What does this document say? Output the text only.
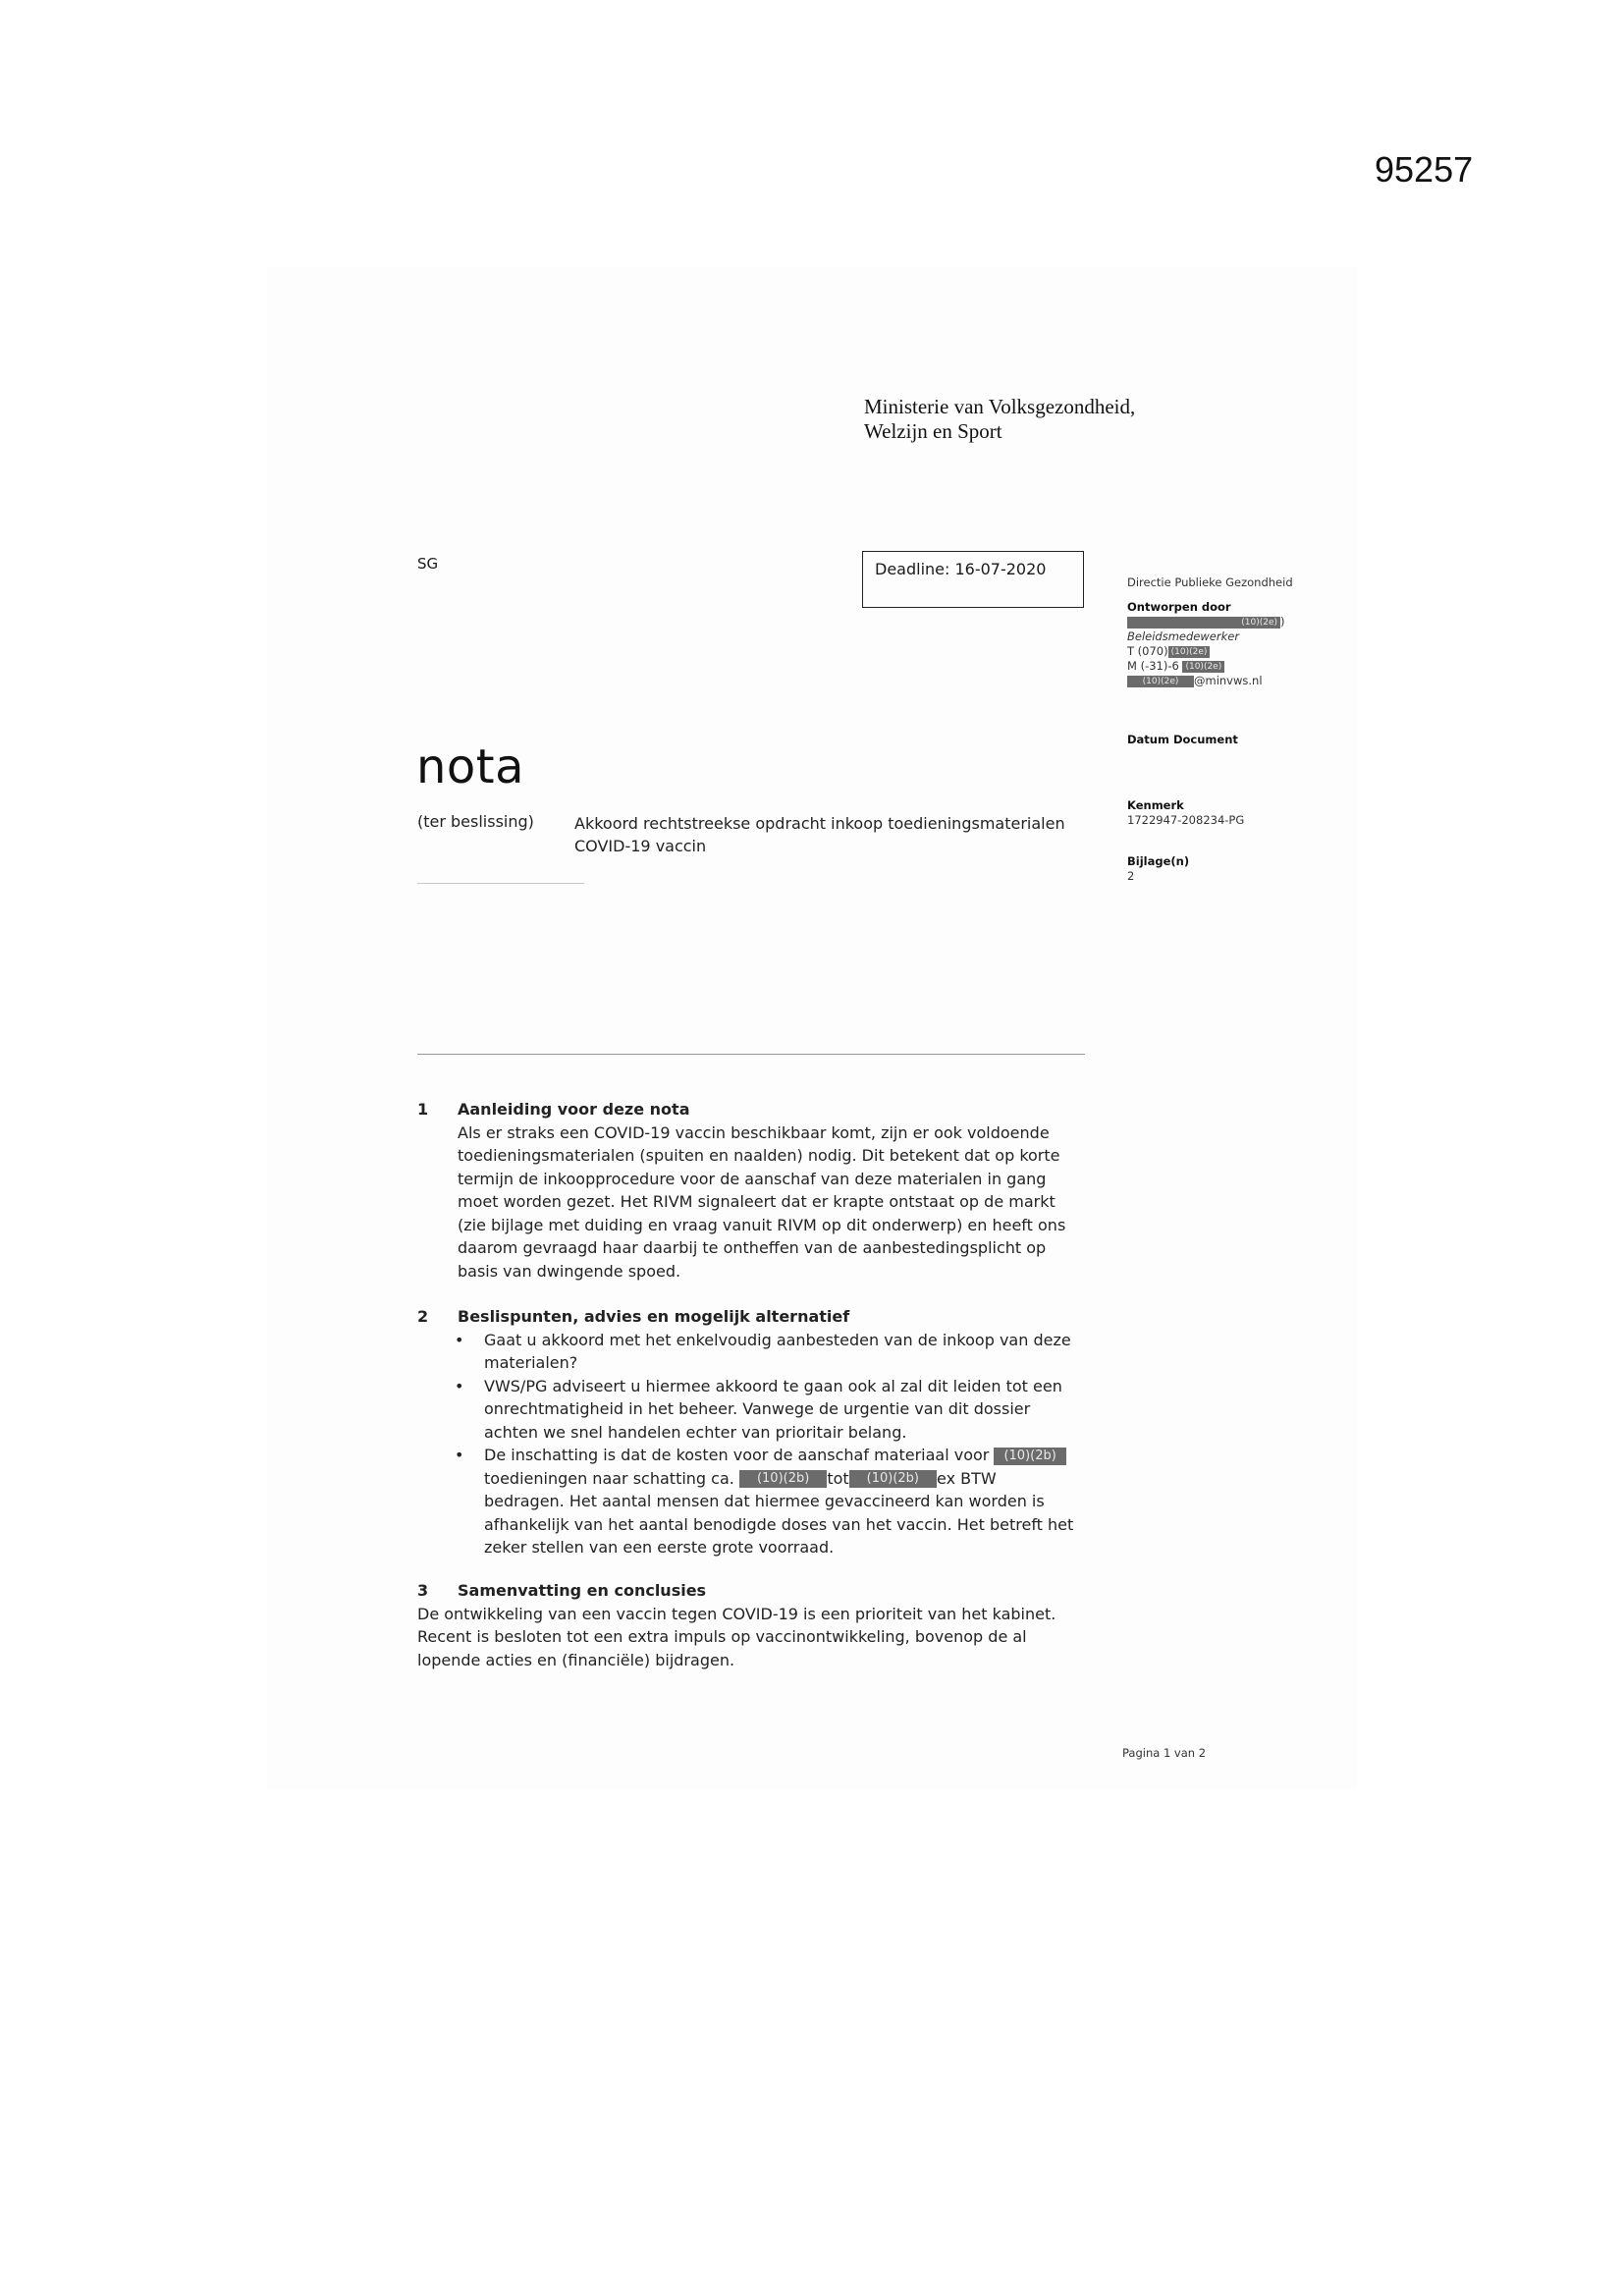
95257
Ministerie van Volksgezondheid,
Welzijn en Sport
SG	Deadline: 16-07-2020
Directie Publieke Gezondheid
Ontworpen door
(10)(2e) )
Beleidsmedewerker
T (070) (10)(2e)
M (-31)-6 (10)(2e)
(10)(2e) @minvws.nl
Datum Document
Kenmerk
1722947-208234-PG
Bijlage(n)
2
nota
(ter beslissing)	Akkoord rechtstreekse opdracht inkoop toedieningsmaterialen
COVID-19 vaccin
1 Aanleiding voor deze nota
Als er straks een COVID-19 vaccin beschikbaar komt, zijn er ook voldoende
toedieningsmaterialen (spuiten en naalden) nodig. Dit betekent dat op korte
termijn de inkoopprocedure voor de aanschaf van deze materialen in gang
moet worden gezet. Het RIVM signaleert dat er krapte ontstaat op de markt
(zie bijlage met duiding en vraag vanuit RIVM op dit onderwerp) en heeft ons
daarom gevraagd haar daarbij te ontheffen van de aanbestedingsplicht op
basis van dwingende spoed.
2 Beslispunten, advies en mogelijk alternatief
• Gaat u akkoord met het enkelvoudig aanbesteden van de inkoop van deze
materialen?
• VWS/PG adviseert u hiermee akkoord te gaan ook al zal dit leiden tot een
onrechtmatigheid in het beheer. Vanwege de urgentie van dit dossier
achten we snel handelen echter van prioritair belang.
• De inschatting is dat de kosten voor de aanschaf materiaal voor (10)(2b)
toedieningen naar schatting ca. (10)(2b) tot (10)(2b) ex BTW
bedragen. Het aantal mensen dat hiermee gevaccineerd kan worden is
afhankelijk van het aantal benodigde doses van het vaccin. Het betreft het
zeker stellen van een eerste grote voorraad.
3 Samenvatting en conclusies
De ontwikkeling van een vaccin tegen COVID-19 is een prioriteit van het kabinet.
Recent is besloten tot een extra impuls op vaccinontwikkeling, bovenop de al
lopende acties en (financiële) bijdragen.
Pagina 1 van 2
